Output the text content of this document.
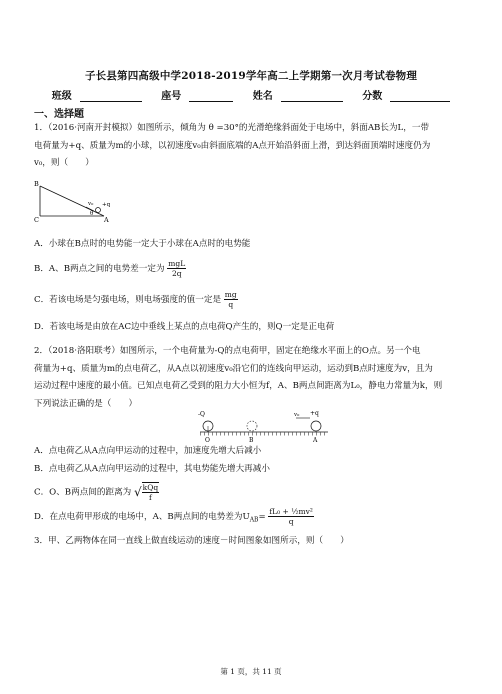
子长县第四高级中学2018-2019学年高二上学期第一次月考试卷物理
班级	座号	姓名	分数
一、选择题
1．（2016·河南开封模拟）如图所示，倾角为 θ =30°的光滑绝缘斜面处于电场中，斜面AB长为L，一带
电荷量为+q、质量为m的小球，以初速度v₀由斜面底端的A点开始沿斜面上滑，到达斜面顶端时速度仍为
v₀，则（　　）
B
C	A
v₀ +q
θ
A．小球在B点时的电势能一定大于小球在A点时的电势能
B．A、B两点之间的电势差一定为 $\frac{\text{mgL}}{2q}$
C．若该电场是匀强电场，则电场强度的值一定是 $\frac{mg}{q}$
D．若该电场是由放在AC边中垂线上某点的点电荷Q产生的，则Q一定是正电荷
2．（2018·洛阳联考）如图所示，一个电荷量为-Q的点电荷甲，固定在绝缘水平面上的O点。另一个电
荷量为+q、质量为m的点电荷乙，从A点以初速度v₀沿它们的连线向甲运动，运动到B点时速度为v，且为
运动过程中速度的最小值。已知点电荷乙受到的阻力大小恒为f，A、B两点间距离为L₀，静电力常量为k，则
下列说法正确的是（　　）
-Q
O	B	A
+q
v₀
A．点电荷乙从A点向甲运动的过程中，加速度先增大后减小
B．点电荷乙从A点向甲运动的过程中，其电势能先增大再减小
C．O、B两点间的距离为 √ $\frac{\text{kQq}}{f}$
D．在点电荷甲形成的电场中，A、B两点间的电势差为$U_{AB}= \frac{\text{fL₀ + ½mv²}}{q}$
3．甲、乙两物体在同一直线上做直线运动的速度－时间图象如图所示，则（　　）
第 1 页，共 11 页
